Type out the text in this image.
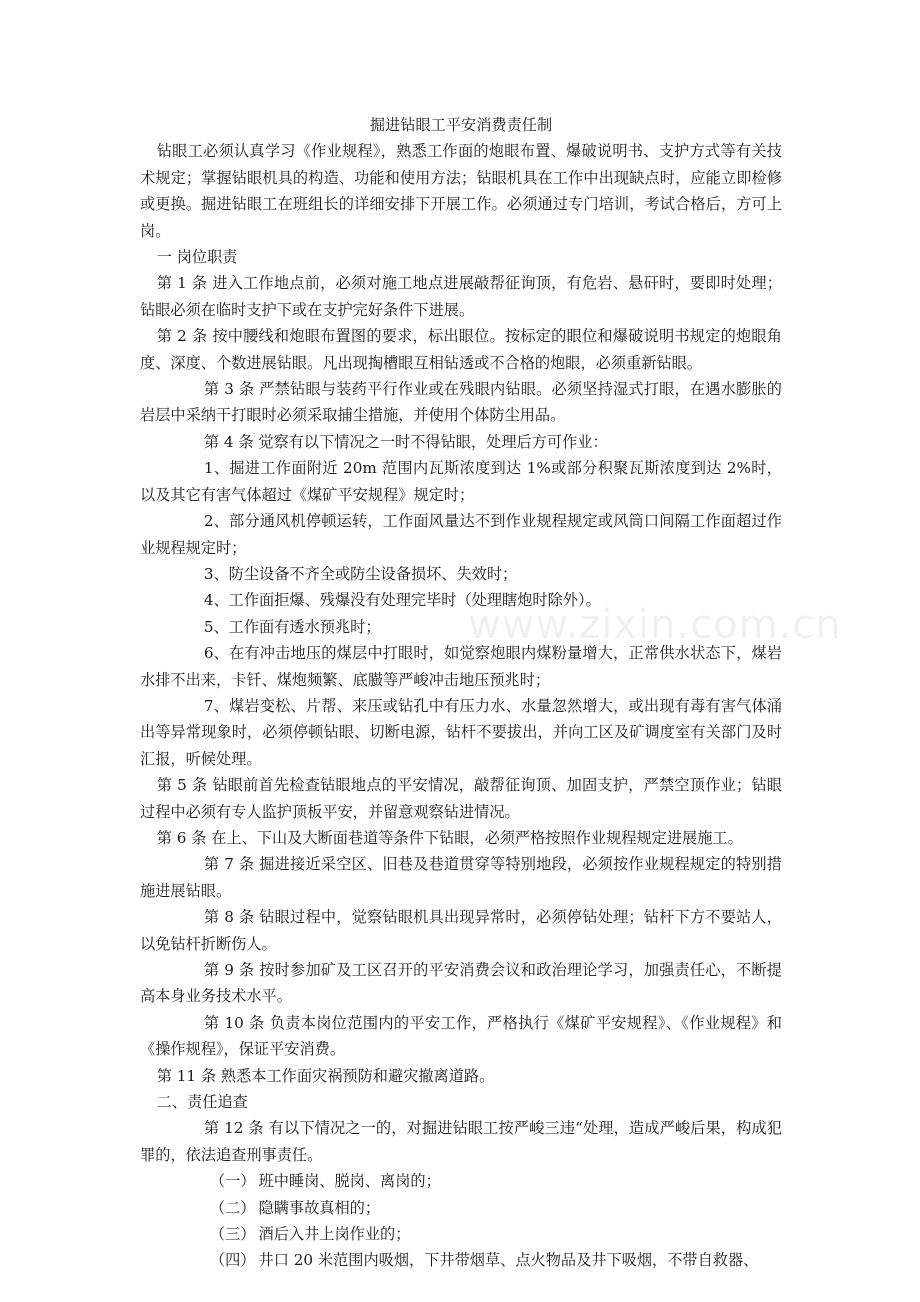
www.zixin.com.cn

掘进钻眼工平安消费责任制

钻眼工必须认真学习《作业规程》，熟悉工作面的炮眼布置、爆破说明书、支护方式等有关技术规定；掌握钻眼机具的构造、功能和使用方法；钻眼机具在工作中出现缺点时，应能立即检修或更换。掘进钻眼工在班组长的详细安排下开展工作。必须通过专门培训，考试合格后，方可上岗。

一 岗位职责

第 1 条 进入工作地点前，必须对施工地点进展敲帮征询顶，有危岩、悬矸时，要即时处理；钻眼必须在临时支护下或在支护完好条件下进展。

第 2 条 按中腰线和炮眼布置图的要求，标出眼位。按标定的眼位和爆破说明书规定的炮眼角度、深度、个数进展钻眼。凡出现掏槽眼互相钻透或不合格的炮眼，必须重新钻眼。

第 3 条 严禁钻眼与装药平行作业或在残眼内钻眼。必须坚持湿式打眼，在遇水膨胀的岩层中采纳干打眼时必须采取捕尘措施，并使用个体防尘用品。

第 4 条 觉察有以下情况之一时不得钻眼，处理后方可作业：

1、掘进工作面附近 20m 范围内瓦斯浓度到达 1%或部分积聚瓦斯浓度到达 2%时，以及其它有害气体超过《煤矿平安规程》规定时；

2、部分通风机停顿运转，工作面风量达不到作业规程规定或风筒口间隔工作面超过作业规程规定时；

3、防尘设备不齐全或防尘设备损坏、失效时；

4、工作面拒爆、残爆没有处理完毕时（处理瞎炮时除外）。

5、工作面有透水预兆时；

6、在有冲击地压的煤层中打眼时，如觉察炮眼内煤粉量增大，正常供水状态下，煤岩水排不出来，卡钎、煤炮频繁、底臌等严峻冲击地压预兆时；

7、煤岩变松、片帮、来压或钻孔中有压力水、水量忽然增大，或出现有毒有害气体涌出等异常现象时，必须停顿钻眼、切断电源，钻杆不要拔出，并向工区及矿调度室有关部门及时汇报，听候处理。

第 5 条 钻眼前首先检查钻眼地点的平安情况，敲帮征询顶、加固支护，严禁空顶作业；钻眼过程中必须有专人监护顶板平安，并留意观察钻进情况。

第 6 条 在上、下山及大断面巷道等条件下钻眼，必须严格按照作业规程规定进展施工。

第 7 条 掘进接近采空区、旧巷及巷道贯穿等特别地段，必须按作业规程规定的特别措施进展钻眼。

第 8 条 钻眼过程中，觉察钻眼机具出现异常时，必须停钻处理；钻杆下方不要站人，以免钻杆折断伤人。

第 9 条 按时参加矿及工区召开的平安消费会议和政治理论学习，加强责任心，不断提高本身业务技术水平。

第 10 条 负责本岗位范围内的平安工作，严格执行《煤矿平安规程》、《作业规程》和《操作规程》，保证平安消费。

第 11 条 熟悉本工作面灾祸预防和避灾撤离道路。

二、责任追查

第 12 条 有以下情况之一的，对掘进钻眼工按严峻三违“处理，造成严峻后果，构成犯罪的，依法追查刑事责任。

（一） 班中睡岗、脱岗、离岗的；
（二） 隐瞒事故真相的；
（三） 酒后入井上岗作业的；
（四） 井口 20 米范围内吸烟，下井带烟草、点火物品及井下吸烟，不带自救器、
